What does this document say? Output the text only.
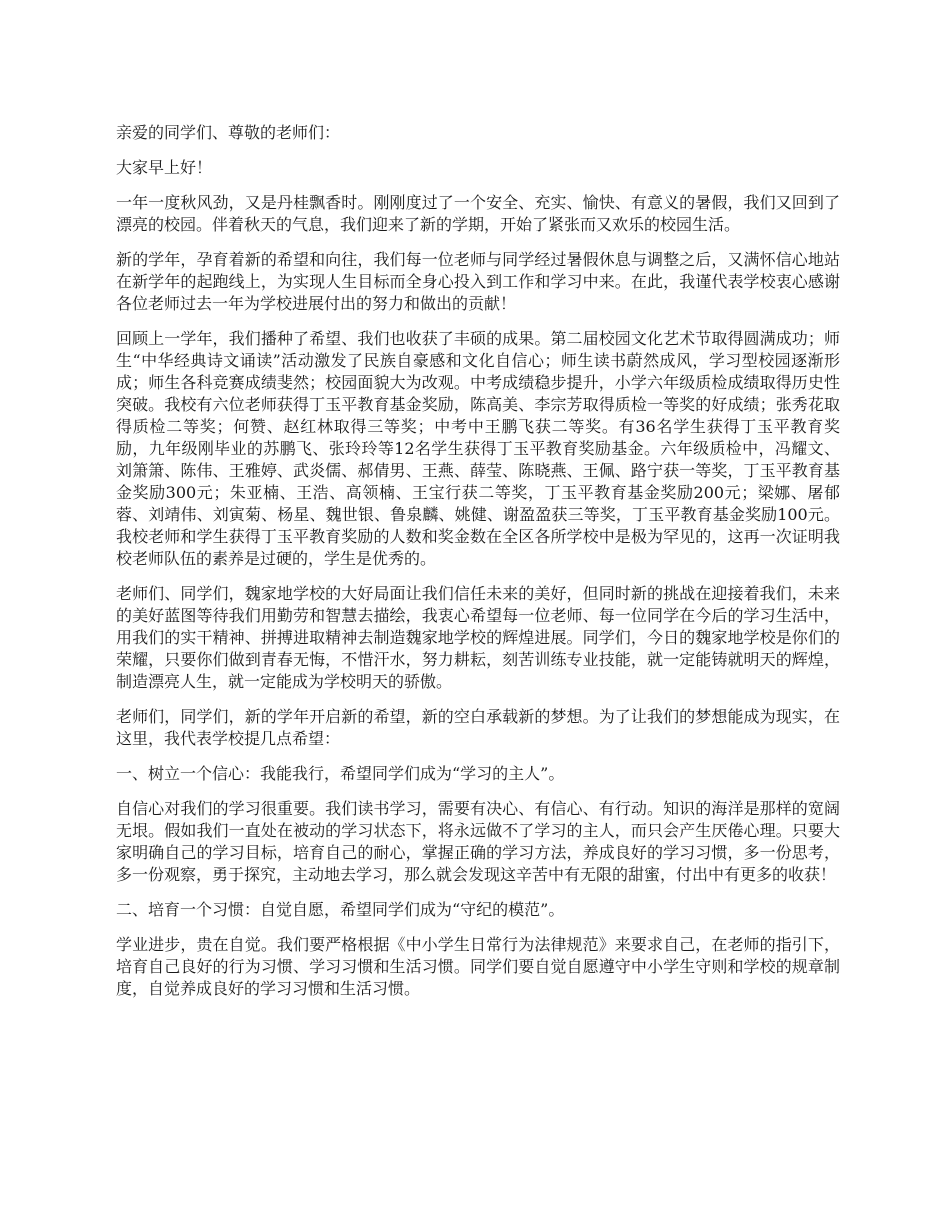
亲爱的同学们、尊敬的老师们：

大家早上好！

一年一度秋风劲，又是丹桂飘香时。刚刚度过了一个安全、充实、愉快、有意义的暑假，我们又回到了漂亮的校园。伴着秋天的气息，我们迎来了新的学期，开始了紧张而又欢乐的校园生活。

新的学年，孕育着新的希望和向往，我们每一位老师与同学经过暑假休息与调整之后，又满怀信心地站在新学年的起跑线上，为实现人生目标而全身心投入到工作和学习中来。在此，我谨代表学校衷心感谢各位老师过去一年为学校进展付出的努力和做出的贡献！

回顾上一学年，我们播种了希望、我们也收获了丰硕的成果。第二届校园文化艺术节取得圆满成功；师生“中华经典诗文诵读”活动激发了民族自豪感和文化自信心；师生读书蔚然成风，学习型校园逐渐形成；师生各科竞赛成绩斐然；校园面貌大为改观。中考成绩稳步提升，小学六年级质检成绩取得历史性突破。我校有六位老师获得丁玉平教育基金奖励，陈高美、李宗芳取得质检一等奖的好成绩；张秀花取得质检二等奖；何赞、赵红林取得三等奖；中考中王鹏飞获二等奖。有36名学生获得丁玉平教育奖励，九年级刚毕业的苏鹏飞、张玲玲等12名学生获得丁玉平教育奖励基金。六年级质检中，冯耀文、刘箫箫、陈伟、王雅婷、武炎儒、郝倩男、王燕、薛莹、陈晓燕、王佩、路宁获一等奖，丁玉平教育基金奖励300元；朱亚楠、王浩、高领楠、王宝行获二等奖，丁玉平教育基金奖励200元；梁娜、屠郁蓉、刘靖伟、刘寅菊、杨星、魏世银、鲁泉麟、姚健、谢盈盈获三等奖，丁玉平教育基金奖励100元。我校老师和学生获得丁玉平教育奖励的人数和奖金数在全区各所学校中是极为罕见的，这再一次证明我校老师队伍的素养是过硬的，学生是优秀的。

老师们、同学们，魏家地学校的大好局面让我们信任未来的美好，但同时新的挑战在迎接着我们，未来的美好蓝图等待我们用勤劳和智慧去描绘，我衷心希望每一位老师、每一位同学在今后的学习生活中，用我们的实干精神、拼搏进取精神去制造魏家地学校的辉煌进展。同学们，今日的魏家地学校是你们的荣耀，只要你们做到青春无悔，不惜汗水，努力耕耘，刻苦训练专业技能，就一定能铸就明天的辉煌，制造漂亮人生，就一定能成为学校明天的骄傲。

老师们，同学们，新的学年开启新的希望，新的空白承载新的梦想。为了让我们的梦想能成为现实，在这里，我代表学校提几点希望：

一、树立一个信心：我能我行，希望同学们成为“学习的主人”。

自信心对我们的学习很重要。我们读书学习，需要有决心、有信心、有行动。知识的海洋是那样的宽阔无垠。假如我们一直处在被动的学习状态下，将永远做不了学习的主人，而只会产生厌倦心理。只要大家明确自己的学习目标，培育自己的耐心，掌握正确的学习方法，养成良好的学习习惯，多一份思考，多一份观察，勇于探究，主动地去学习，那么就会发现这辛苦中有无限的甜蜜，付出中有更多的收获！

二、培育一个习惯：自觉自愿，希望同学们成为“守纪的模范”。

学业进步，贵在自觉。我们要严格根据《中小学生日常行为法律规范》来要求自己，在老师的指引下，培育自己良好的行为习惯、学习习惯和生活习惯。同学们要自觉自愿遵守中小学生守则和学校的规章制度，自觉养成良好的学习习惯和生活习惯。
